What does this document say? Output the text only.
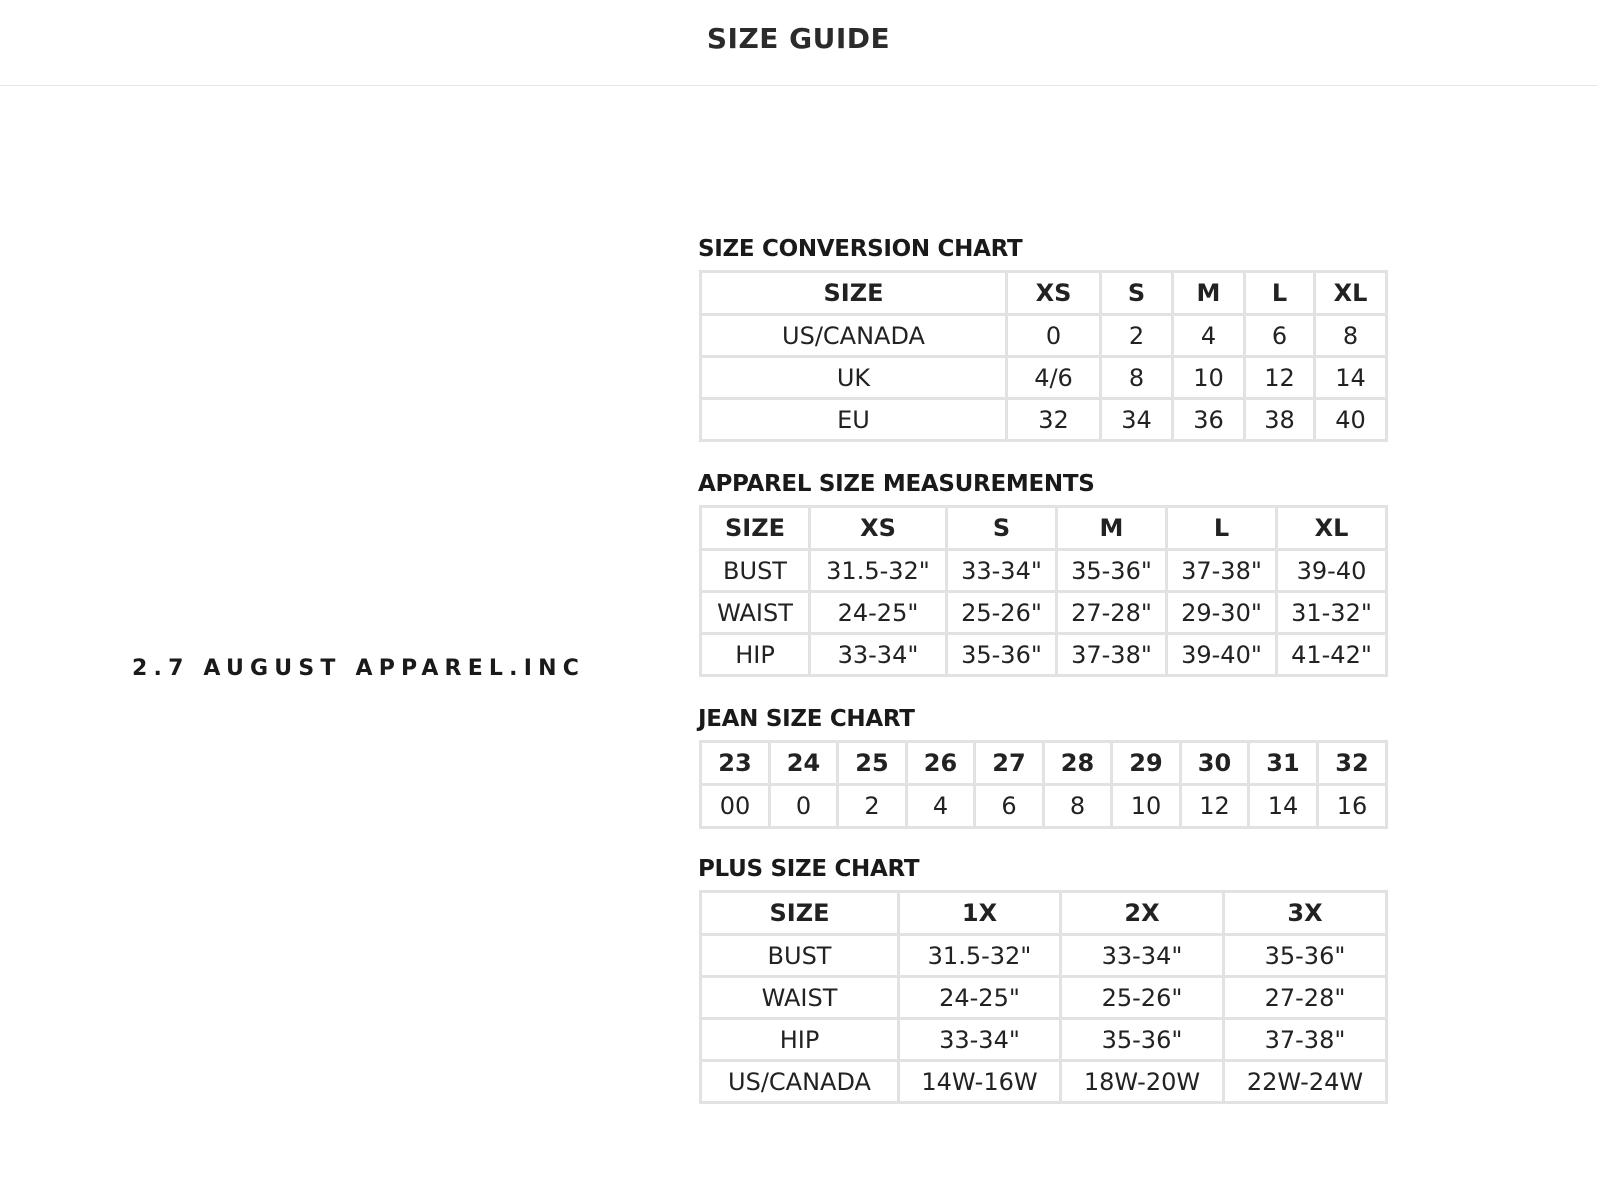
SIZE GUIDE
2.7 AUGUST APPAREL.INC
SIZE CONVERSION CHART
SIZE	XS	S	M	L	XL
US/CANADA	0	2	4	6	8
UK	4/6	8	10	12	14
EU	32	34	36	38	40
APPAREL SIZE MEASUREMENTS
SIZE	XS	S	M	L	XL
BUST	31.5-32"	33-34"	35-36"	37-38"	39-40
WAIST	24-25"	25-26"	27-28"	29-30"	31-32"
HIP	33-34"	35-36"	37-38"	39-40"	41-42"
JEAN SIZE CHART
23	24	25	26	27	28	29	30	31	32
00	0	2	4	6	8	10	12	14	16
PLUS SIZE CHART
SIZE	1X	2X	3X
BUST	31.5-32"	33-34"	35-36"
WAIST	24-25"	25-26"	27-28"
HIP	33-34"	35-36"	37-38"
US/CANADA	14W-16W	18W-20W	22W-24W
